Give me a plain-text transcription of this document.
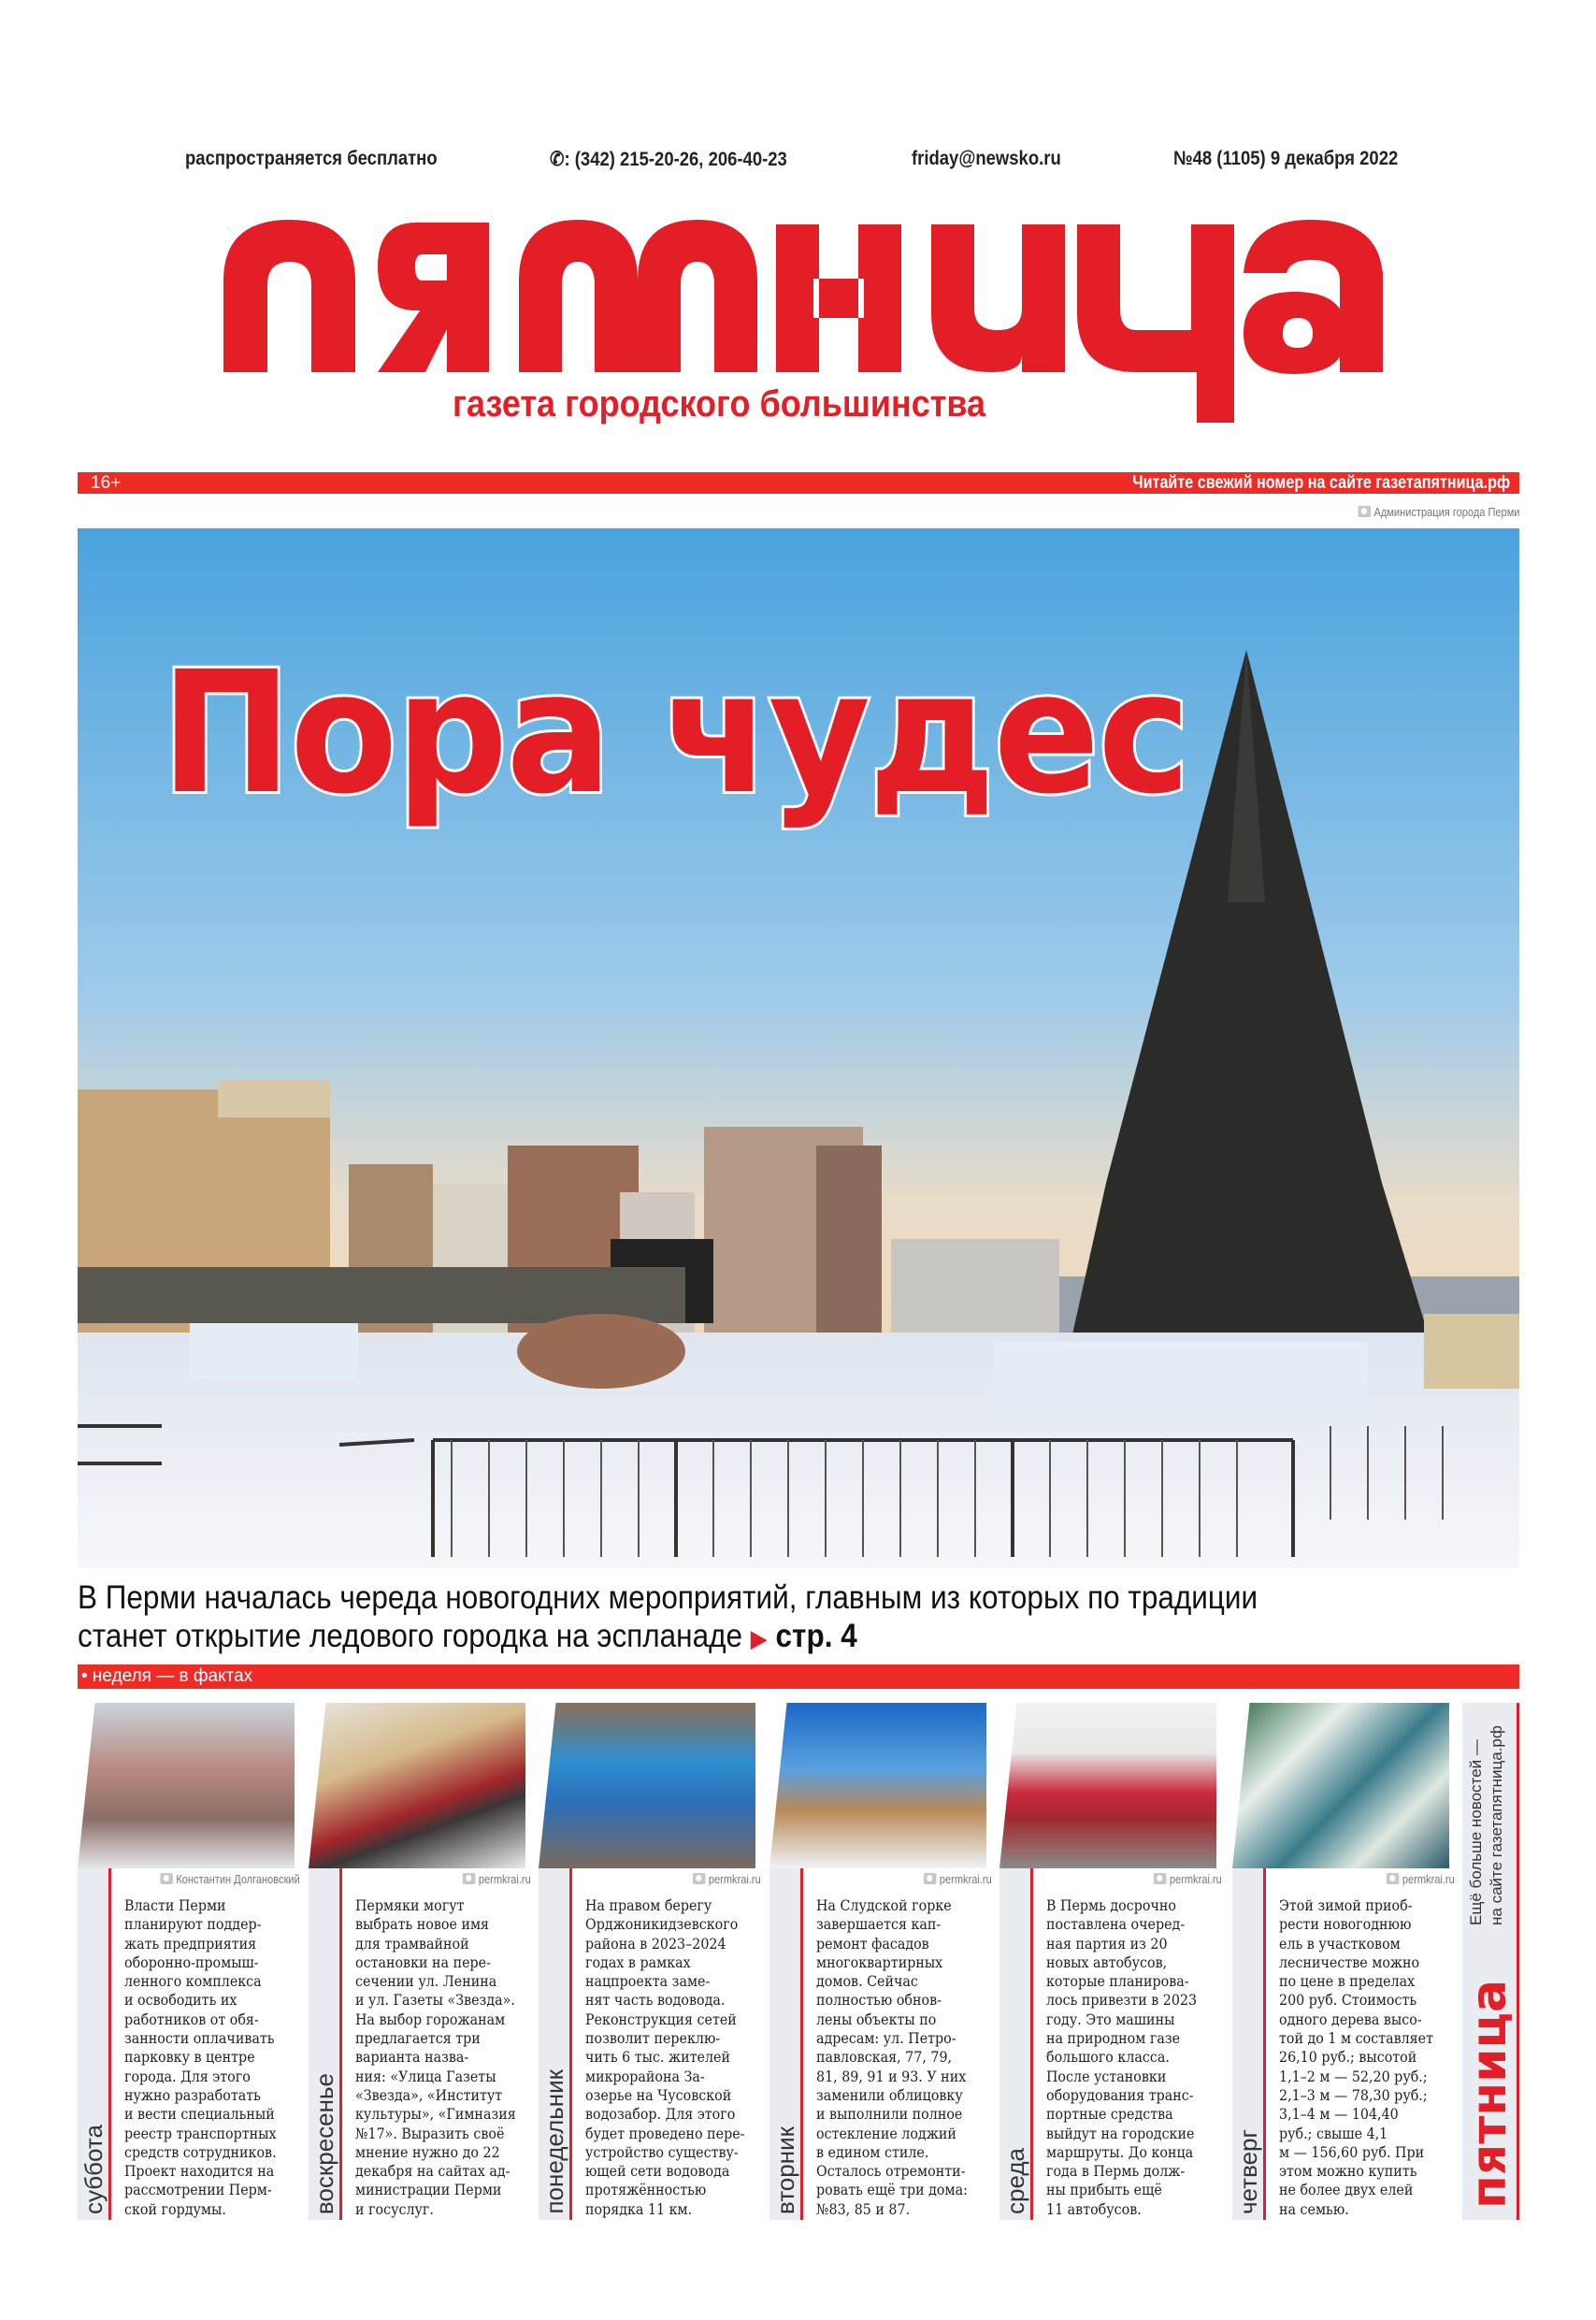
распространяется бесплатно	✆: (342) 215-20-26, 206-40-23	friday@newsko.ru	№48 (1105) 9 декабря 2022
газета городского большинства
16+	Читайте свежий номер на сайте газетапятница.рф
Администрация города Перми
Пора чудес
В Перми началась череда новогодних мероприятий, главным из которых по традиции
станет открытие ледового городка на эспланаде ▶ стр. 4
• неделя — в фактах
суббота
Константин Долгановский
Власти Перми
планируют поддер-
жать предприятия
оборонно-промыш-
ленного комплекса
и освободить их
работников от обя-
занности оплачивать
парковку в центре
города. Для этого
нужно разработать
и вести специальный
реестр транспортных
средств сотрудников.
Проект находится на
рассмотрении Перм-
ской гордумы.	воскресенье
permkrai.ru
Пермяки могут
выбрать новое имя
для трамвайной
остановки на пере-
сечении ул. Ленина
и ул. Газеты «Звезда».
На выбор горожанам
предлагается три
варианта назва-
ния: «Улица Газеты
«Звезда», «Институт
культуры», «Гимназия
№17». Выразить своё
мнение нужно до 22
декабря на сайтах ад-
министрации Перми
и госуслуг.	понедельник
permkrai.ru
На правом берегу
Орджоникидзевского
района в 2023–2024
годах в рамках
нацпроекта заме-
нят часть водовода.
Реконструкция сетей
позволит переклю-
чить 6 тыс. жителей
микрорайона За-
озерье на Чусовской
водозабор. Для этого
будет проведено пере-
устройство существу-
ющей сети водовода
протяжённостью
порядка 11 км.	вторник
permkrai.ru
На Слудской горке
завершается кап-
ремонт фасадов
многоквартирных
домов. Сейчас
полностью обнов-
лены объекты по
адресам: ул. Петро-
павловская, 77, 79,
81, 89, 91 и 93. У них
заменили облицовку
и выполнили полное
остекление лоджий
в едином стиле.
Осталось отремонти-
ровать ещё три дома:
№83, 85 и 87.	среда
permkrai.ru
В Пермь досрочно
поставлена очеред-
ная партия из 20
новых автобусов,
которые планирова-
лось привезти в 2023
году. Это машины
на природном газе
большого класса.
После установки
оборудования транс-
портные средства
выйдут на городские
маршруты. До конца
года в Пермь долж-
ны прибыть ещё
11 автобусов.	четверг
permkrai.ru
Этой зимой приоб-
рести новогоднюю
ель в участковом
лесничестве можно
по цене в пределах
200 руб. Стоимость
одного дерева высо-
той до 1 м составляет
26,10 руб.; высотой
1,1–2 м — 52,20 руб.;
2,1–3 м — 78,30 руб.;
3,1–4 м — 104,40
руб.; свыше 4,1
м — 156,60 руб. При
этом можно купить
не более двух елей
на семью.
Ещё больше новостей —
на сайте газетапятница.рф
пятница
